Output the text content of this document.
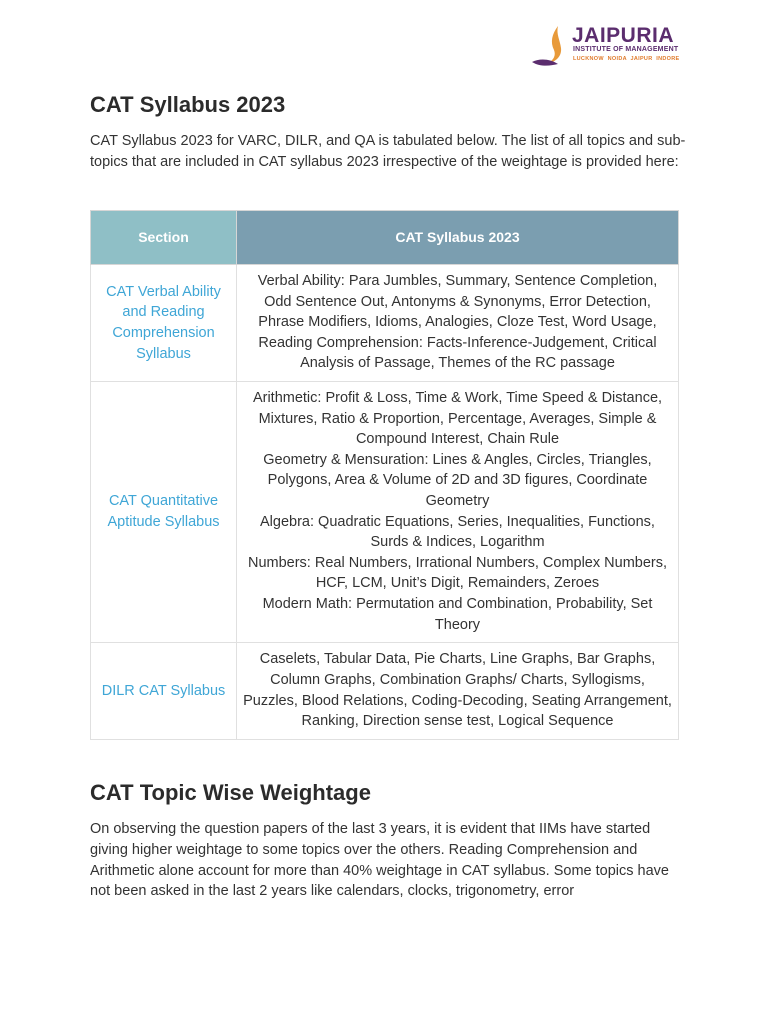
JAIPURIA
INSTITUTE OF MANAGEMENT
LUCKNOW NOIDA JAIPUR INDORE
CAT Syllabus 2023

CAT Syllabus 2023 for VARC, DILR, and QA is tabulated below. The list of all topics and sub-topics that are included in CAT syllabus 2023 irrespective of the weightage is provided here:

Section	CAT Syllabus 2023
CAT Verbal Ability and Reading Comprehension Syllabus	Verbal Ability: Para Jumbles, Summary, Sentence Completion, Odd Sentence Out, Antonyms & Synonyms, Error Detection, Phrase Modifiers, Idioms, Analogies, Cloze Test, Word Usage, Reading Comprehension: Facts-Inference-Judgement, Critical Analysis of Passage, Themes of the RC passage

CAT Quantitative Aptitude Syllabus	Arithmetic: Profit & Loss, Time & Work, Time Speed & Distance, Mixtures, Ratio & Proportion, Percentage, Averages, Simple & Compound Interest, Chain Rule
Geometry & Mensuration: Lines & Angles, Circles, Triangles, Polygons, Area & Volume of 2D and 3D figures, Coordinate Geometry
Algebra: Quadratic Equations, Series, Inequalities, Functions, Surds & Indices, Logarithm
Numbers: Real Numbers, Irrational Numbers, Complex Numbers, HCF, LCM, Unit’s Digit, Remainders, Zeroes
Modern Math: Permutation and Combination, Probability, Set Theory

DILR CAT Syllabus	Caselets, Tabular Data, Pie Charts, Line Graphs, Bar Graphs, Column Graphs, Combination Graphs/ Charts, Syllogisms, Puzzles, Blood Relations, Coding-Decoding, Seating Arrangement, Ranking, Direction sense test, Logical Sequence
CAT Topic Wise Weightage

On observing the question papers of the last 3 years, it is evident that IIMs have started giving higher weightage to some topics over the others. Reading Comprehension and Arithmetic alone account for more than 40% weightage in CAT syllabus. Some topics have not been asked in the last 2 years like calendars, clocks, trigonometry, error
